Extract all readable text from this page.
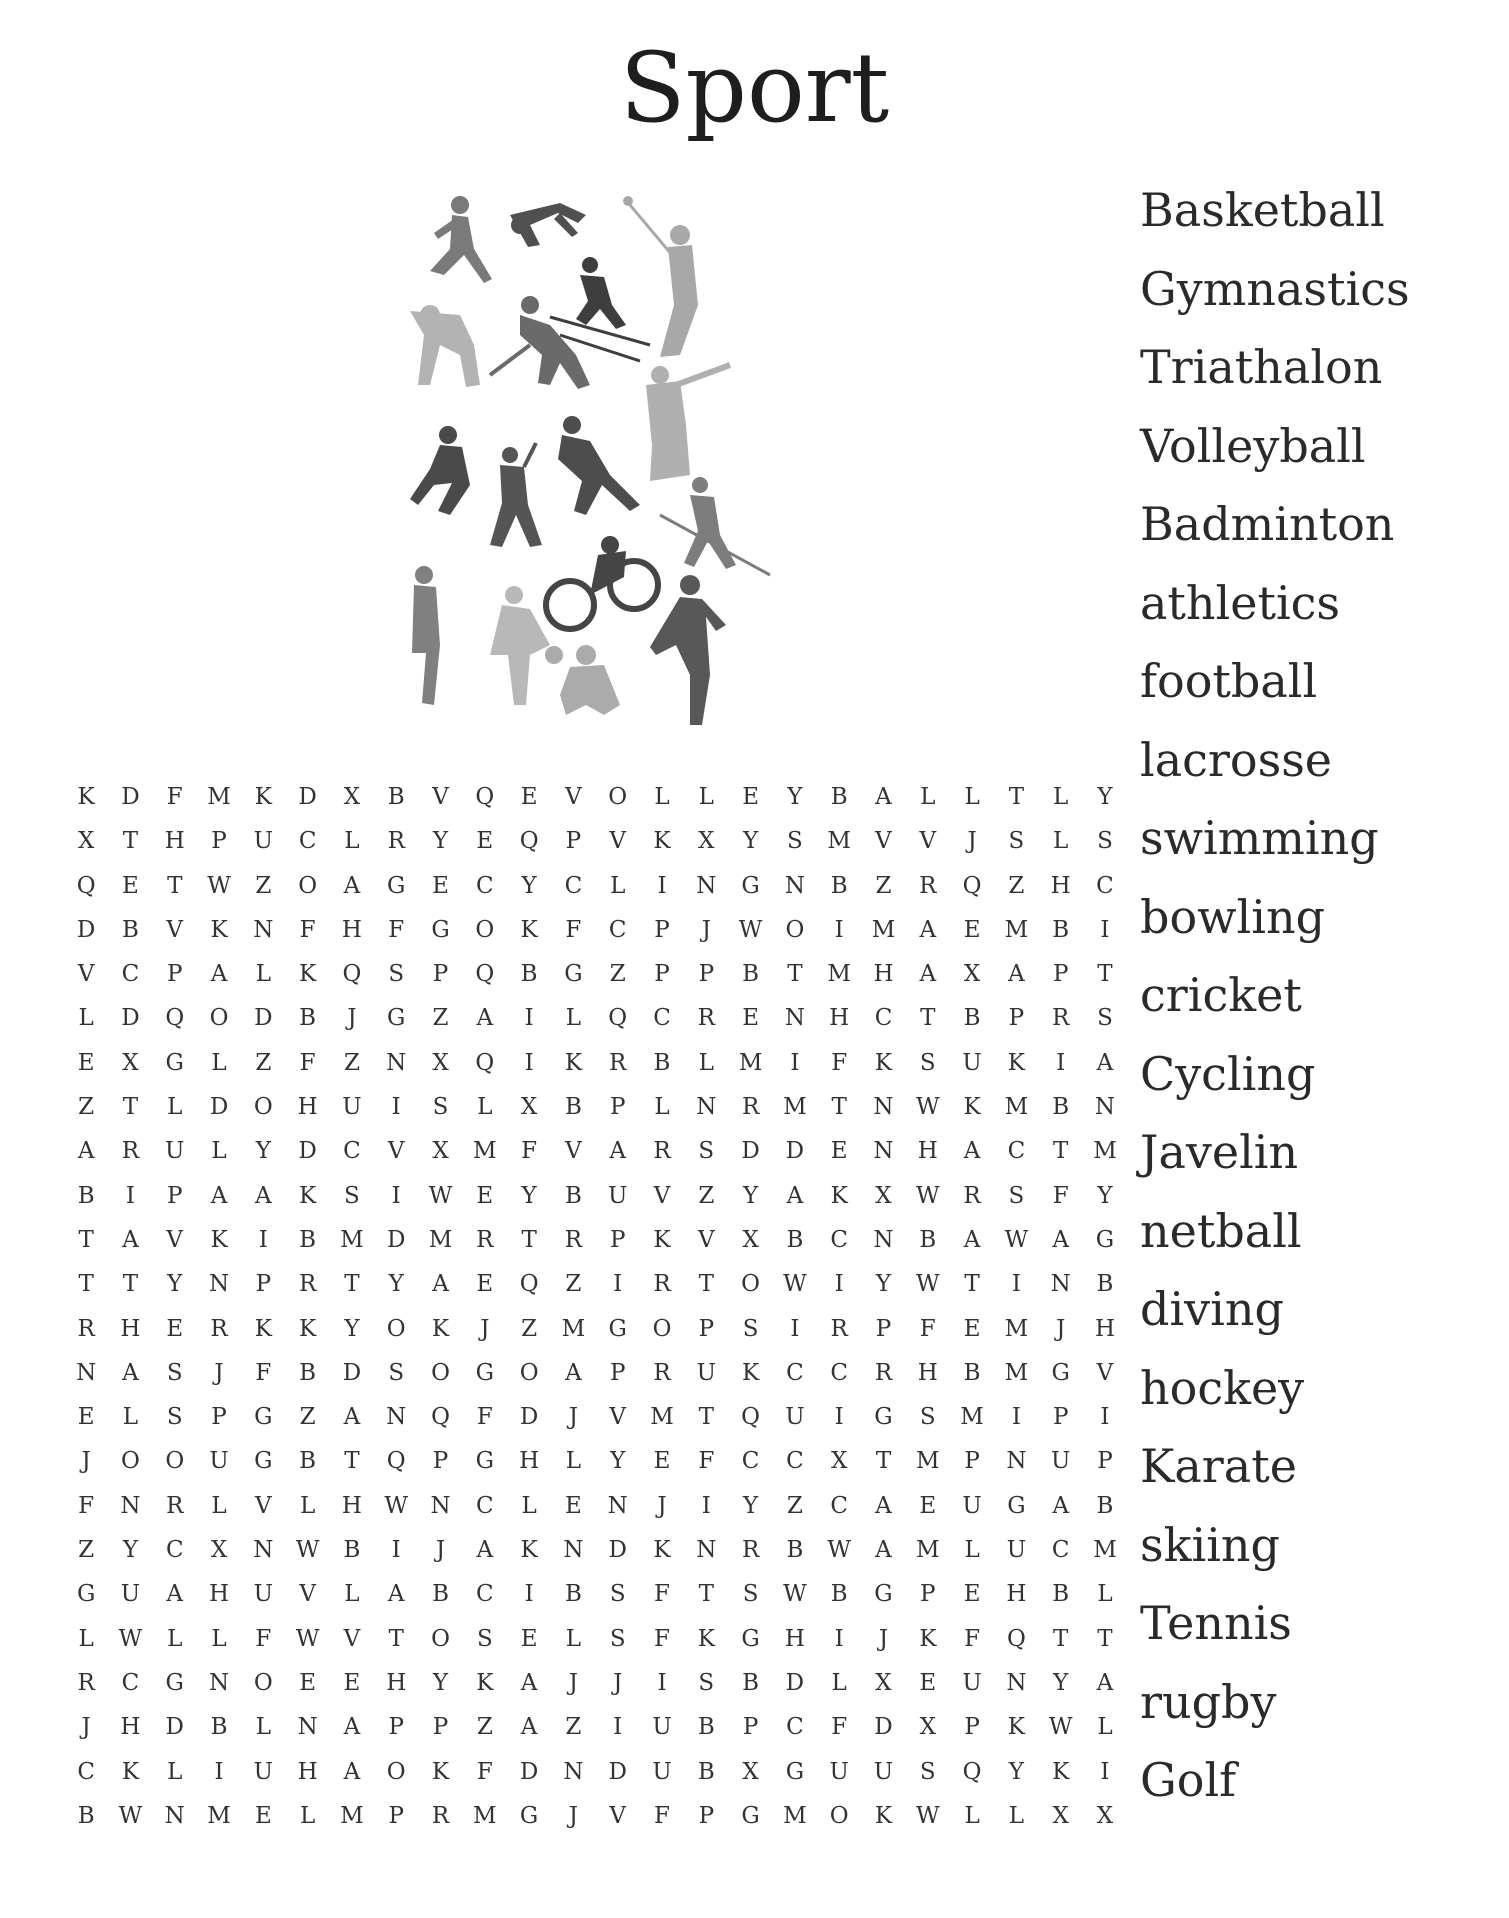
Sport
K	D	F	M	K	D	X	B	V	Q	E	V	O	L	L	E	Y	B	A	L	L	T	L	Y
X	T	H	P	U	C	L	R	Y	E	Q	P	V	K	X	Y	S	M	V	V	J	S	L	S
Q	E	T	W	Z	O	A	G	E	C	Y	C	L	I	N	G	N	B	Z	R	Q	Z	H	C
D	B	V	K	N	F	H	F	G	O	K	F	C	P	J	W	O	I	M	A	E	M	B	I
V	C	P	A	L	K	Q	S	P	Q	B	G	Z	P	P	B	T	M H	A	X	A	P	T
L	D	Q	O	D	B	J	G	Z	A	I	L	Q	C	R	E	N	H	C	T	B	P	R	S
E	X	G	L	Z	F	Z	N	X	Q	I	K	R	B	L	M	I	F	K	S	U	K	I	A
Z	T	L	D	O	H	U	I	S	L	X	B	P	L	N	R	M	T	N W	K	M	B	N
A	R	U	L	Y	D	C	V	X	M	F	V	A	R	S	D	D	E	N	H	A	C	T	M
B	I	P	A	A	K	S	I	W	E	Y	B	U	V	Z	Y	A	K	X	W	R	S	F	Y
T	A	V	K	I	B	M	D	M	R	T	R	P	K	V	X	B	C	N	B	A	W	A	G
T	T	Y	N	P	R	T	Y	A	E	Q	Z	I	R	T	O	W	I	Y	W	T	I	N	B
R	H	E	R	K	K	Y	O	K	J	Z	M	G	O	P	S	I	R	P	F	E	M	J	H
N	A	S	J	F	B	D	S	O	G	O	A	P	R	U	K	C	C	R	H	B	M	G	V
E	L	S	P	G	Z	A	N	Q	F	D	J	V	M	T	Q	U	I	G	S	M	I	P	I
J	O	O	U	G	B	T	Q	P	G	H	L	Y	E	F	C	C	X	T	M	P	N	U	P
F	N	R	L	V	L	H W N	C	L	E	N	J	I	Y	Z	C	A	E	U	G	A	B
Z	Y	C	X	N W	B	I	J	A	K	N	D	K	N	R	B	W	A	M	L	U	C	M
G	U	A	H	U	V	L	A	B	C	I	B	S	F	T	S	W	B	G	P	E	H	B	L
L	W	L	L	F	W	V	T	O	S	E	L	S	F	K	G	H	I	J	K	F	Q	T	T
R	C	G	N	O	E	E	H	Y	K	A	J	J	I	S	B	D	L	X	E	U	N	Y	A
J	H	D	B	L	N	A	P	P	Z	A	Z	I	U	B	P	C	F	D	X	P	K	W	L
C	K	L	I	U	H	A	O	K	F	D	N	D	U	B	X	G	U	U	S	Q	Y	K	I
B	W N M	E	L	M	P	R	M	G	J	V	F	P	G	M	O	K	W	L	L	X	X
Basketball
Gymnastics
Triathalon
Volleyball
Badminton
athletics
football
lacrosse
swimming
bowling
cricket
Cycling
Javelin
netball
diving
hockey
Karate
skiing
Tennis
rugby
Golf
